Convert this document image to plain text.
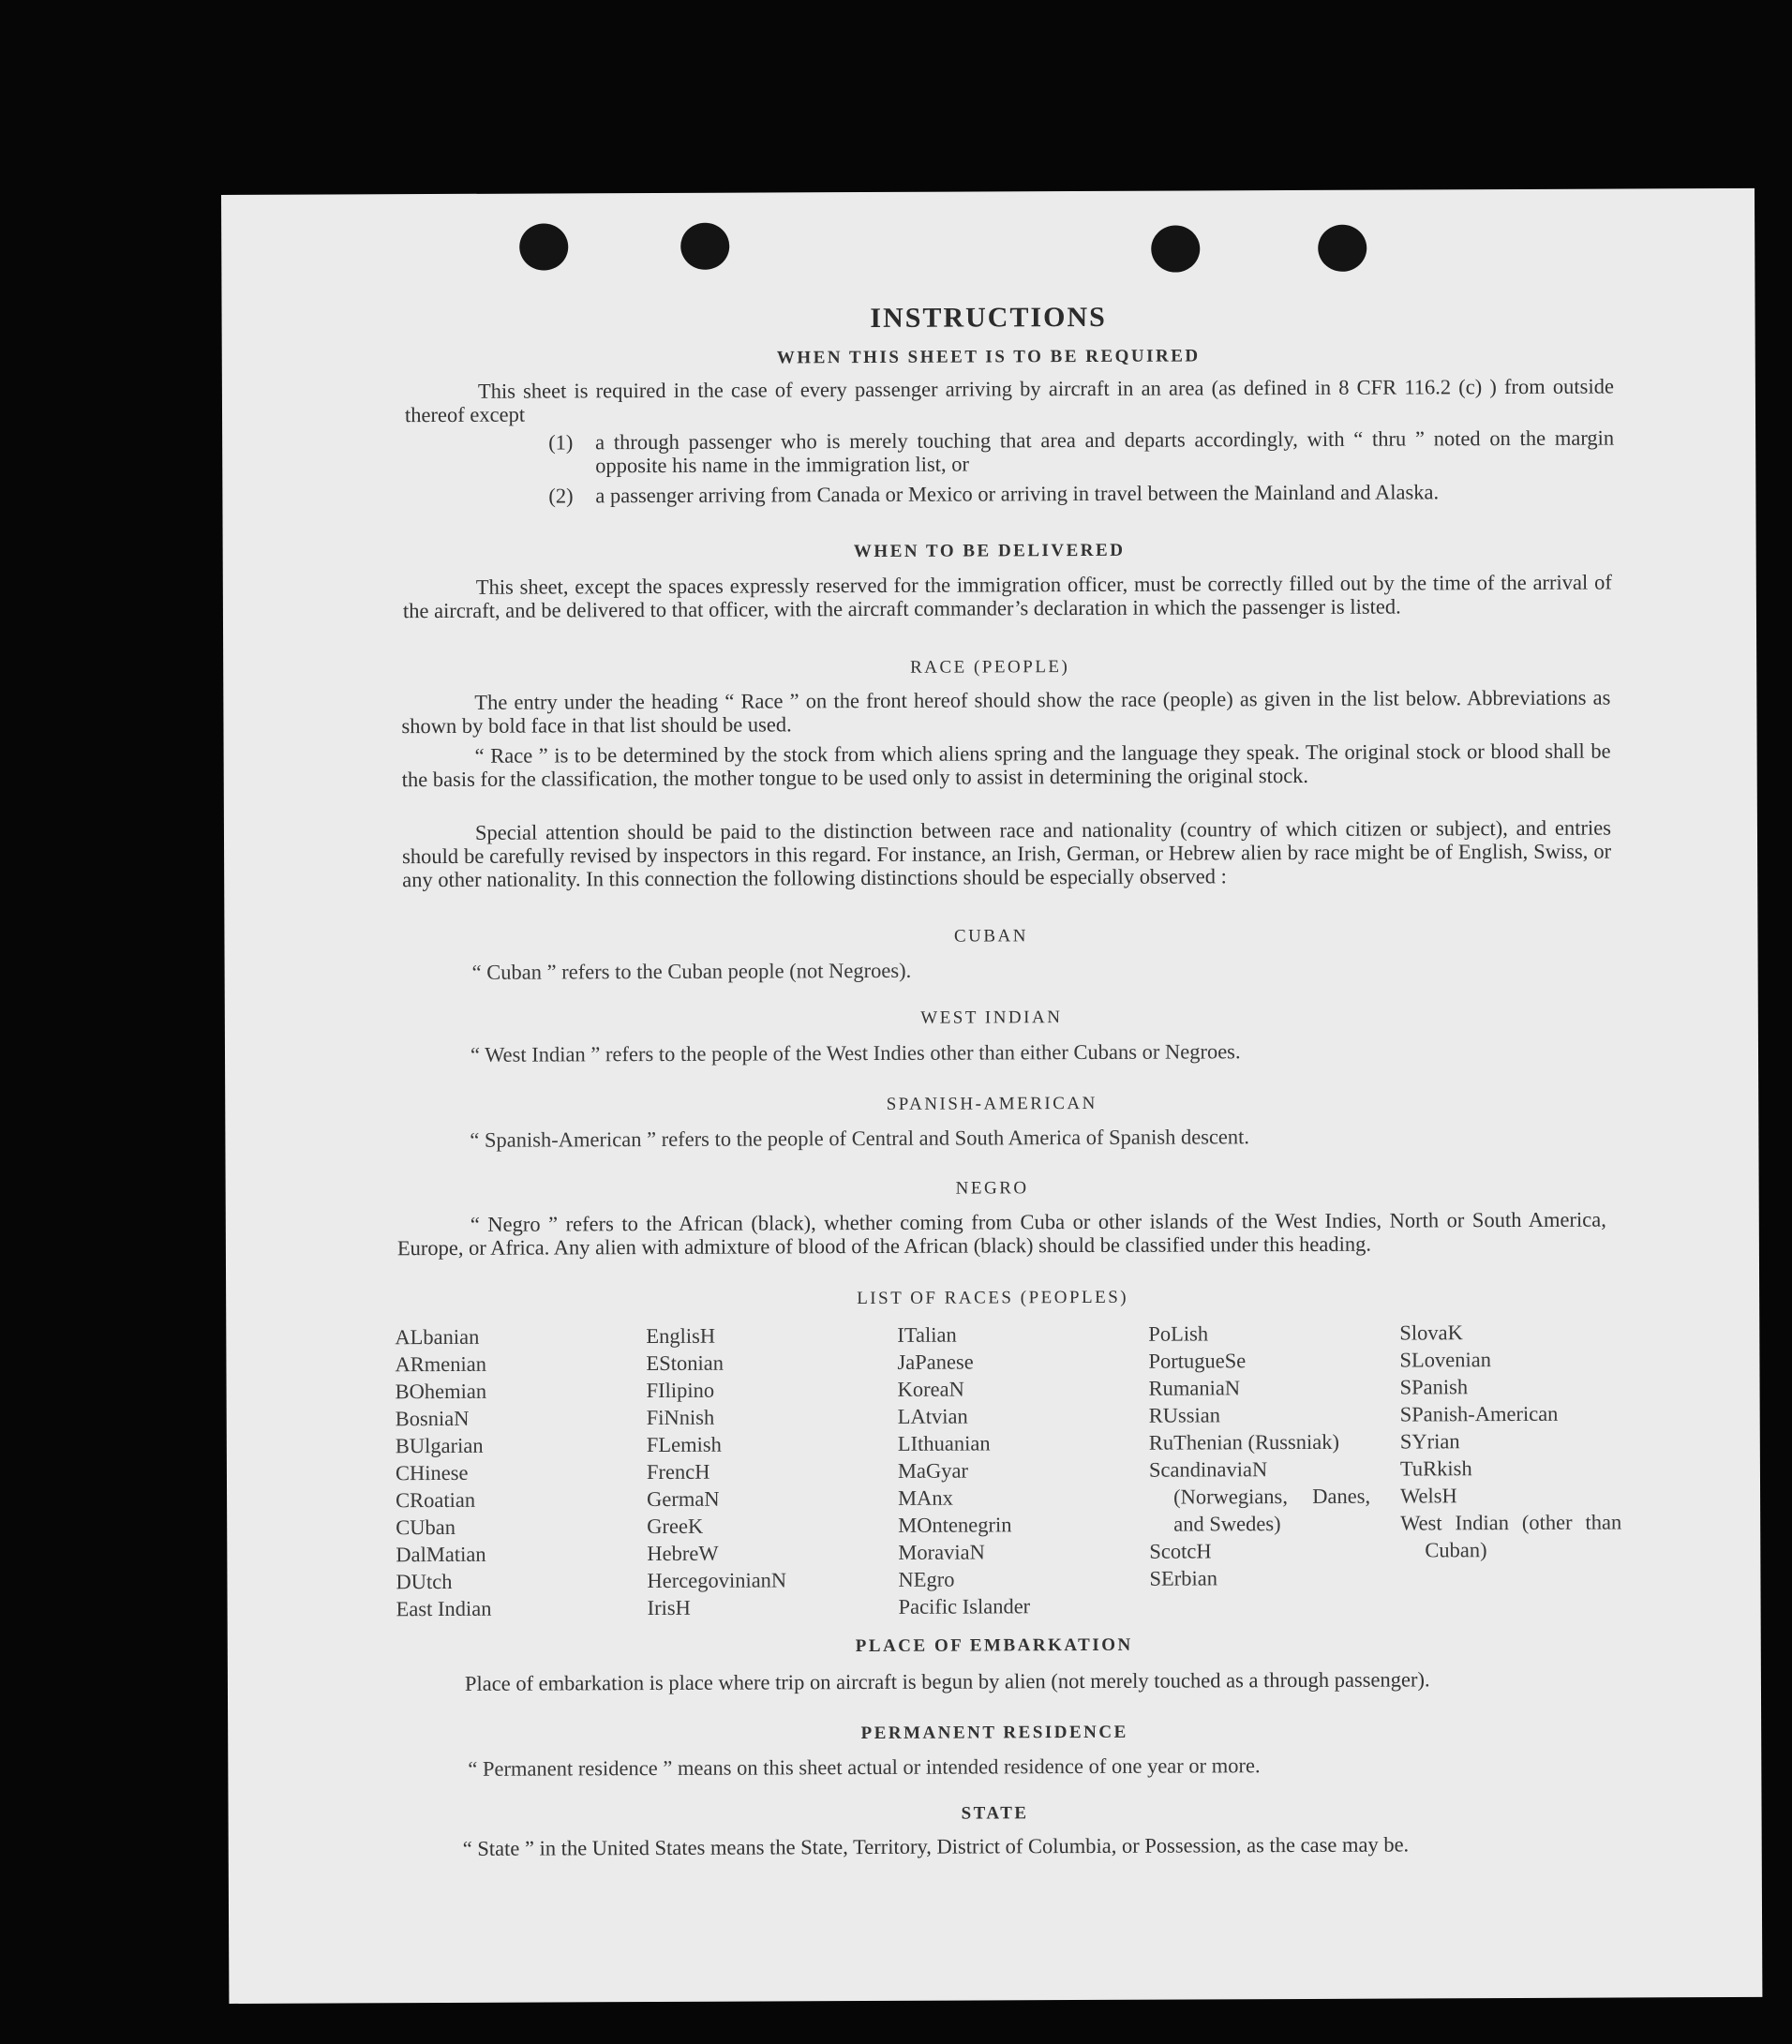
INSTRUCTIONS
WHEN THIS SHEET IS TO BE REQUIRED
This sheet is required in the case of every passenger arriving by aircraft in an area (as defined in 8 CFR 116.2 (c) ) from outside thereof except
(1) a through passenger who is merely touching that area and departs accordingly, with “ thru ” noted on the margin opposite his name in the immigration list, or
(2) a passenger arriving from Canada or Mexico or arriving in travel between the Mainland and Alaska.
WHEN TO BE DELIVERED
This sheet, except the spaces expressly reserved for the immigration officer, must be correctly filled out by the time of the arrival of the aircraft, and be delivered to that officer, with the aircraft commander’s declaration in which the passenger is listed.
RACE (PEOPLE)
The entry under the heading “ Race ” on the front hereof should show the race (people) as given in the list below. Abbreviations as shown by bold face in that list should be used.
“ Race ” is to be determined by the stock from which aliens spring and the language they speak. The original stock or blood shall be the basis for the classification, the mother tongue to be used only to assist in determining the original stock.
Special attention should be paid to the distinction between race and nationality (country of which citizen or subject), and entries should be carefully revised by inspectors in this regard. For instance, an Irish, German, or Hebrew alien by race might be of English, Swiss, or any other nationality. In this connection the following distinctions should be especially observed :
CUBAN
“ Cuban ” refers to the Cuban people (not Negroes).
WEST INDIAN
“ West Indian ” refers to the people of the West Indies other than either Cubans or Negroes.
SPANISH-AMERICAN
“ Spanish-American ” refers to the people of Central and South America of Spanish descent.
NEGRO
“ Negro ” refers to the African (black), whether coming from Cuba or other islands of the West Indies, North or South America, Europe, or Africa. Any alien with admixture of blood of the African (black) should be classified under this heading.
LIST OF RACES (PEOPLES)
ALbanian
ARmenian
BOhemian
BosniaN
BUlgarian
CHinese
CRoatian
CUban
DalMatian
DUtch
East Indian
EnglisH
EStonian
FIlipino
FiNnish
FLemish
FrencH
GermaN
GreeK
HebreW
HercegovinianN
IrisH
ITalian
JaPanese
KoreaN
LAtvian
LIthuanian
MaGyar
MAnx
MOntenegrin
MoraviaN
NEgro
Pacific Islander
PoLish
PortugueSe
RumaniaN
RUssian
RuThenian (Russniak)
ScandinaviaN (Norwegians, Danes, and Swedes)
ScotcH
SErbian
SlovaK
SLovenian
SPanish
SPanish-American
SYrian
TuRkish
WelsH
West Indian (other than Cuban)
PLACE OF EMBARKATION
Place of embarkation is place where trip on aircraft is begun by alien (not merely touched as a through passenger).
PERMANENT RESIDENCE
“ Permanent residence ” means on this sheet actual or intended residence of one year or more.
STATE
“ State ” in the United States means the State, Territory, District of Columbia, or Possession, as the case may be.
